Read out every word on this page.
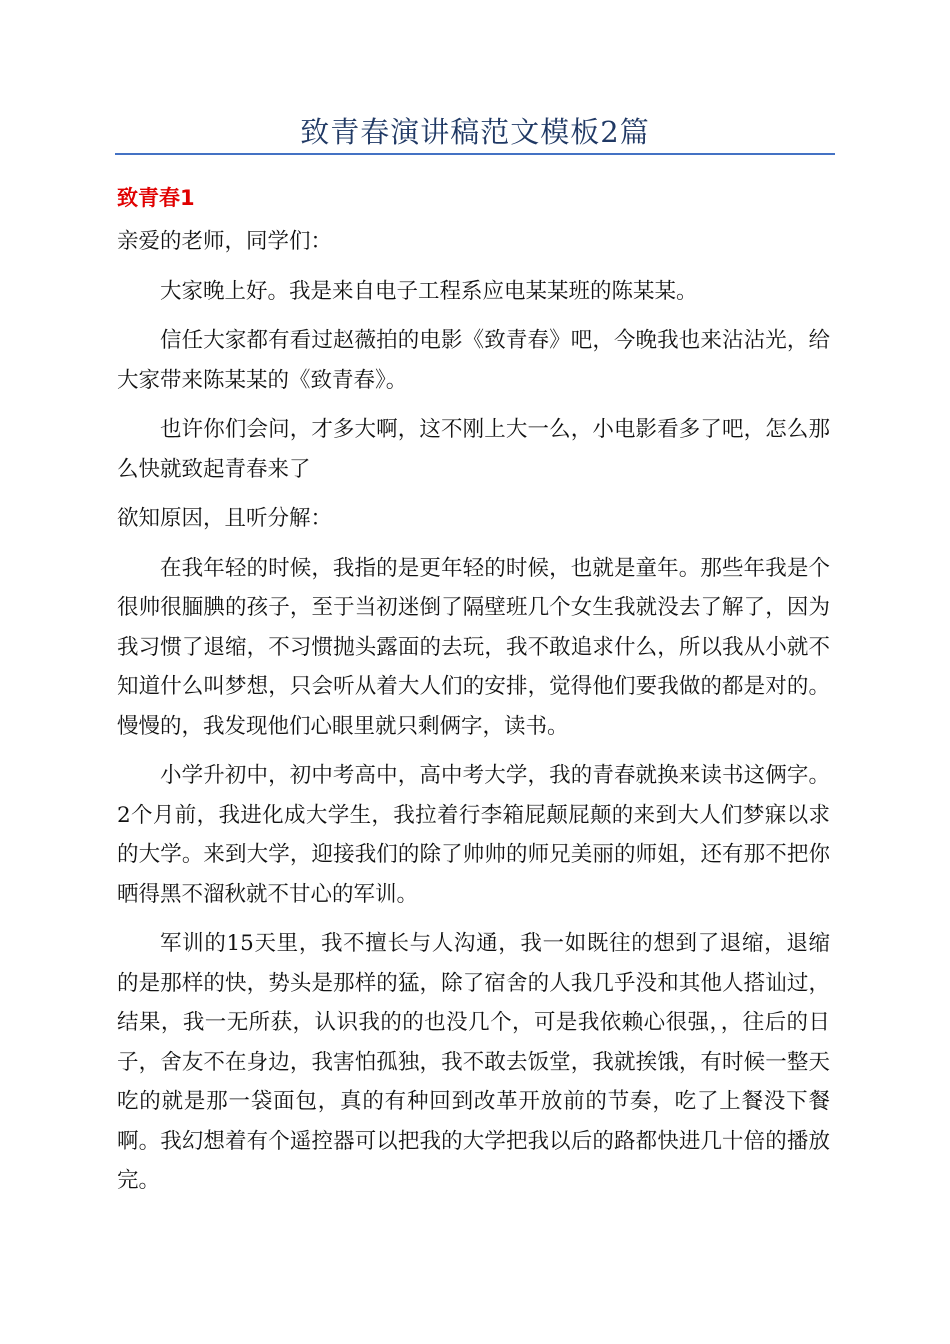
致青春演讲稿范文模板2篇
致青春1

亲爱的老师，同学们：

大家晚上好。我是来自电子工程系应电某某班的陈某某。

信任大家都有看过赵薇拍的电影《致青春》吧，今晚我也来沾沾光，给大家带来陈某某的《致青春》。

也许你们会问，才多大啊，这不刚上大一么，小电影看多了吧，怎么那么快就致起青春来了

欲知原因，且听分解：

在我年轻的时候，我指的是更年轻的时候，也就是童年。那些年我是个很帅很腼腆的孩子，至于当初迷倒了隔壁班几个女生我就没去了解了，因为我习惯了退缩，不习惯抛头露面的去玩，我不敢追求什么，所以我从小就不知道什么叫梦想，只会听从着大人们的安排，觉得他们要我做的都是对的。慢慢的，我发现他们心眼里就只剩俩字，读书。

小学升初中，初中考高中，高中考大学，我的青春就换来读书这俩字。2个月前，我进化成大学生，我拉着行李箱屁颠屁颠的来到大人们梦寐以求的大学。来到大学，迎接我们的除了帅帅的师兄美丽的师姐，还有那不把你晒得黑不溜秋就不甘心的军训。

军训的15天里，我不擅长与人沟通，我一如既往的想到了退缩，退缩的是那样的快，势头是那样的猛，除了宿舍的人我几乎没和其他人搭讪过，结果，我一无所获，认识我的的也没几个，可是我依赖心很强，，往后的日子，舍友不在身边，我害怕孤独，我不敢去饭堂，我就挨饿，有时候一整天吃的就是那一袋面包，真的有种回到改革开放前的节奏，吃了上餐没下餐啊。我幻想着有个遥控器可以把我的大学把我以后的路都快进几十倍的播放完。
